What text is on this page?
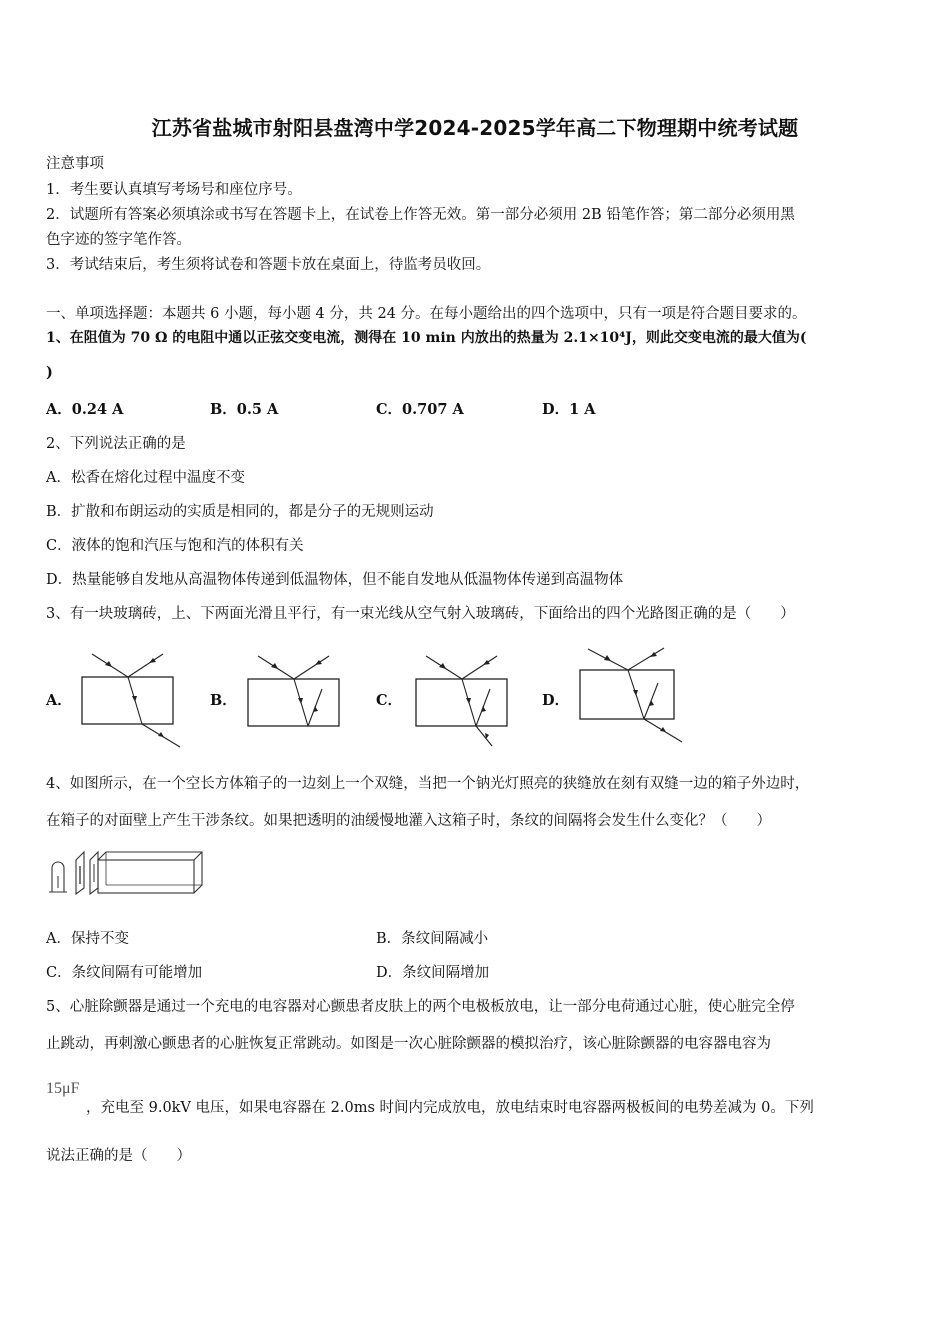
江苏省盐城市射阳县盘湾中学2024-2025学年高二下物理期中统考试题
注意事项
1．考生要认真填写考场号和座位序号。
2．试题所有答案必须填涂或书写在答题卡上，在试卷上作答无效。第一部分必须用 2B 铅笔作答；第二部分必须用黑
色字迹的签字笔作答。
3．考试结束后，考生须将试卷和答题卡放在桌面上，待监考员收回。
一、单项选择题：本题共 6 小题，每小题 4 分，共 24 分。在每小题给出的四个选项中，只有一项是符合题目要求的。
1、在阻值为 70 Ω 的电阻中通以正弦交变电流，测得在 10 min 内放出的热量为 2.1×10⁴J，则此交变电流的最大值为(
)
A．0.24 A	B．0.5 A	C．0.707 A	D．1 A
2、下列说法正确的是
A．松香在熔化过程中温度不变
B．扩散和布朗运动的实质是相同的，都是分子的无规则运动
C．液体的饱和汽压与饱和汽的体积有关
D．热量能够自发地从高温物体传递到低温物体，但不能自发地从低温物体传递到高温物体
3、有一块玻璃砖，上、下两面光滑且平行，有一束光线从空气射入玻璃砖，下面给出的四个光路图正确的是（　　）
A．	B．	C．	D．
4、如图所示，在一个空长方体箱子的一边刻上一个双缝，当把一个钠光灯照亮的狭缝放在刻有双缝一边的箱子外边时，
在箱子的对面壁上产生干涉条纹。如果把透明的油缓慢地灌入这箱子时，条纹的间隔将会发生什么变化？（　　）
A．保持不变	B．条纹间隔减小
C．条纹间隔有可能增加	D．条纹间隔增加
5、心脏除颤器是通过一个充电的电容器对心颤患者皮肤上的两个电极板放电，让一部分电荷通过心脏，使心脏完全停
止跳动，再刺激心颤患者的心脏恢复正常跳动。如图是一次心脏除颤器的模拟治疗，该心脏除颤器的电容器电容为
15μF
，充电至 9.0kV 电压，如果电容器在 2.0ms 时间内完成放电，放电结束时电容器两极板间的电势差减为 0。下列
说法正确的是（　　）
